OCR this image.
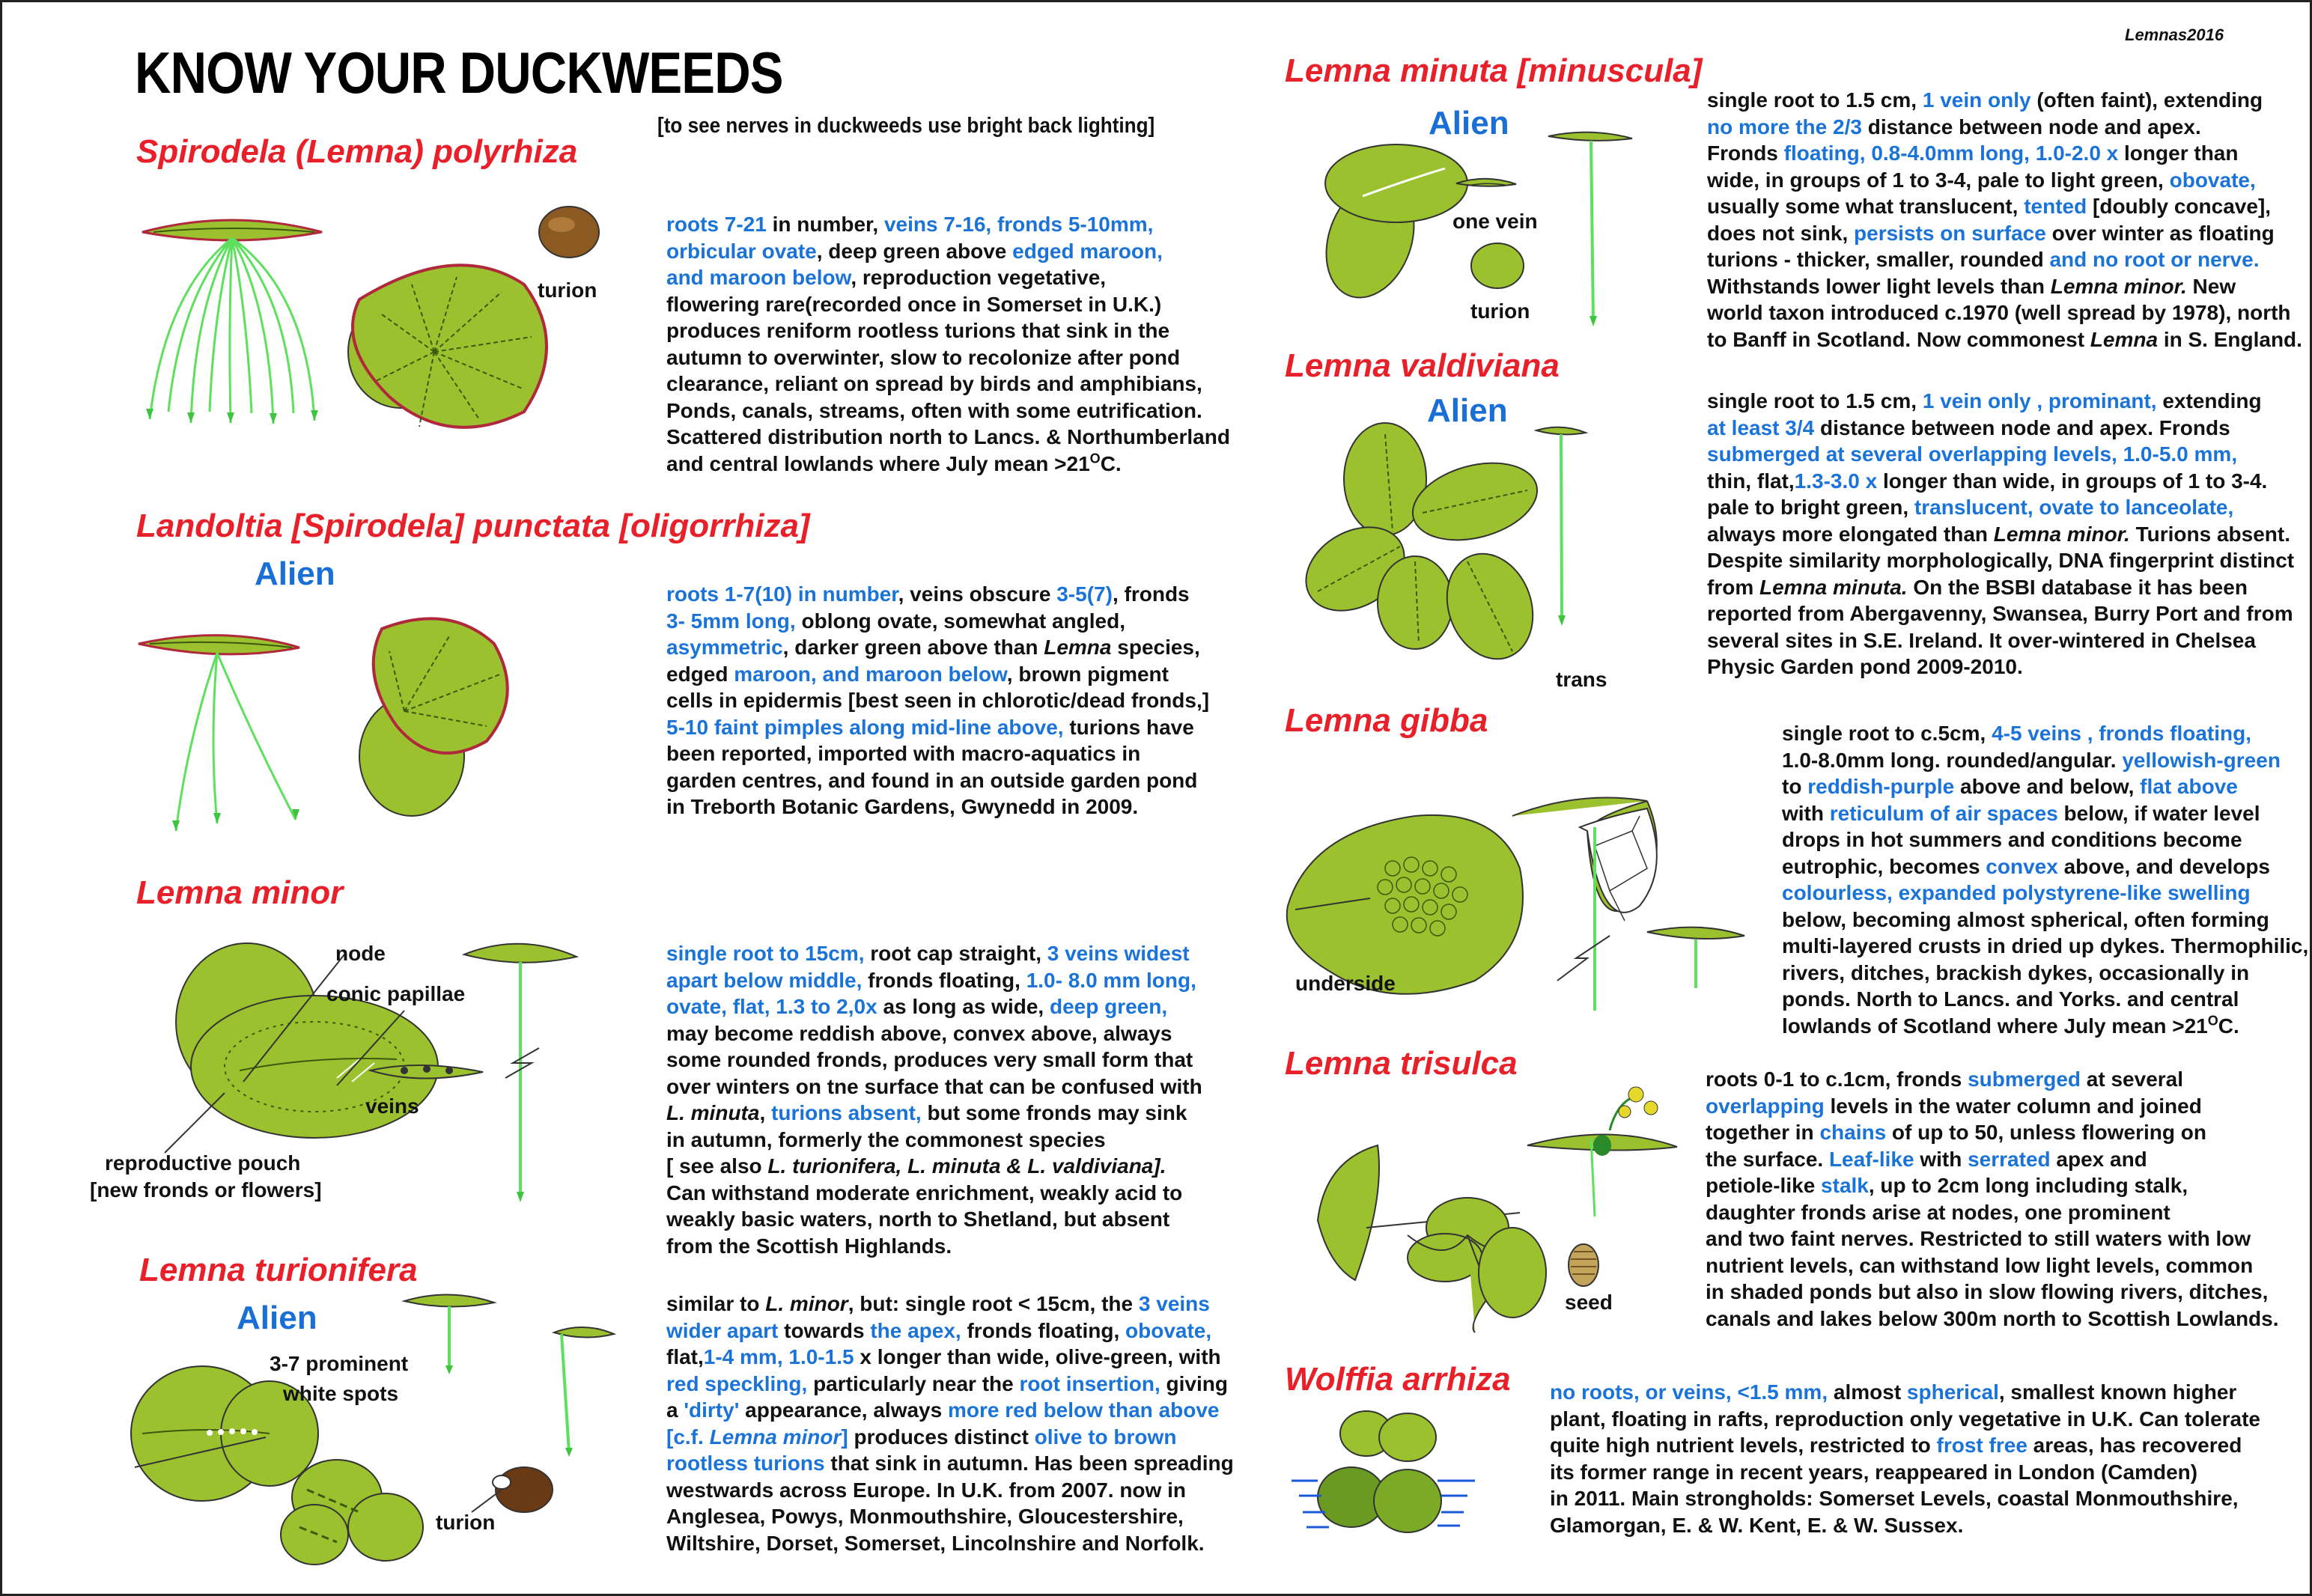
Lemnas2016
KNOW YOUR DUCKWEEDS
[to see nerves in duckweeds use bright back lighting]
Spirodela (Lemna) polyrhiza

roots 7-21 in number, veins 7-16, fronds 5-10mm,

orbicular ovate, deep green above edged maroon,

and maroon below, reproduction vegetative,

flowering rare(recorded once in Somerset in U.K.)

produces reniform rootless turions that sink in the

autumn to overwinter, slow to recolonize after pond

clearance, reliant on spread by birds and amphibians,

Ponds, canals, streams, often with some eutrification.

Scattered distribution north to Lancs. & Northumberland

and central lowlands where July mean $>21^OC$.

turion
Landoltia [Spirodela] punctata [oligorrhiza]
Alien

roots 1-7(10) in number, veins obscure 3-5(7), fronds

3- 5mm long, oblong ovate, somewhat angled,

asymmetric, darker green above than Lemna species,

edged maroon, and maroon below, brown pigment

cells in epidermis [best seen in chlorotic/dead fronds,]

5-10 faint pimples along mid-line above, turions have

been reported, imported with macro-aquatics in

garden centres, and found in an outside garden pond

in Treborth Botanic Gardens, Gwynedd in 2009.

Lemna minor

single root to 15cm, root cap straight, 3 veins widest

apart below middle, fronds floating, 1.0- 8.0 mm long,

ovate, flat, 1.3 to 2,0x as long as wide, deep green,

may become reddish above, convex above, always

some rounded fronds, produces very small form that

over winters on tne surface that can be confused with

L. minuta, turions absent, but some fronds may sink

in autumn, formerly the commonest species

[ see also L. turionifera, L. minuta & L. valdiviana].

Can withstand moderate enrichment, weakly acid to

weakly basic waters, north to Shetland, but absent

from the Scottish Highlands.

node
conic papillae
veins
reproductive pouch
[new fronds or flowers]
Lemna turionifera
Alien	similar to L. minor, but: single root < 15cm, the 3 veins

wider apart towards the apex, fronds floating, obovate,

flat,1-4 mm, 1.0-1.5 x longer than wide, olive-green, with

red speckling, particularly near the root insertion, giving

a 'dirty' appearance, always more red below than above

[c.f. Lemna minor] produces distinct olive to brown

rootless turions that sink in autumn. Has been spreading

westwards across Europe. In U.K. from 2007. now in

Anglesea, Powys, Monmouthshire, Gloucestershire,

Wiltshire, Dorset, Somerset, Lincolnshire and Norfolk.

3-7 prominent
white spots
turion
Lemna minuta [minuscula]
Alien

single root to 1.5 cm, 1 vein only (often faint), extending

no more the 2/3 distance between node and apex.

Fronds floating, 0.8-4.0mm long, 1.0-2.0 x longer than

wide, in groups of 1 to 3-4, pale to light green, obovate,

usually some what translucent, tented [doubly concave],

does not sink, persists on surface over winter as floating

turions - thicker, smaller, rounded and no root or nerve.

Withstands lower light levels than Lemna minor. New

world taxon introduced c.1970 (well spread by 1978), north

to Banff in Scotland. Now commonest Lemna in S. England.

one vein
turion
Lemna valdiviana
Alien	single root to 1.5 cm, 1 vein only , prominant, extending

at least 3/4 distance between node and apex. Fronds

submerged at several overlapping levels, 1.0-5.0 mm,

thin, flat,1.3-3.0 x longer than wide, in groups of 1 to 3-4.

pale to bright green, translucent, ovate to lanceolate,

always more elongated than Lemna minor. Turions absent.

Despite similarity morphologically, DNA fingerprint distinct

from Lemna minuta. On the BSBI database it has been

reported from Abergavenny, Swansea, Burry Port and from

several sites in S.E. Ireland. It over-wintered in Chelsea

Physic Garden pond 2009-2010.

trans
Lemna gibba	single root to c.5cm, 4-5 veins , fronds floating,

1.0-8.0mm long. rounded/angular. yellowish-green

to reddish-purple above and below, flat above

with reticulum of air spaces below, if water level

drops in hot summers and conditions become

eutrophic, becomes convex above, and develops

colourless, expanded polystyrene-like swelling

below, becoming almost spherical, often forming

multi-layered crusts in dried up dykes. Thermophilic,

rivers, ditches, brackish dykes, occasionally in

ponds. North to Lancs. and Yorks. and central

lowlands of Scotland where July mean $>21^OC$.

underside
Lemna trisulca	roots 0-1 to c.1cm, fronds submerged at several

overlapping levels in the water column and joined

together in chains of up to 50, unless flowering on

the surface. Leaf-like with serrated apex and

petiole-like stalk, up to 2cm long including stalk,

daughter fronds arise at nodes, one prominent

and two faint nerves. Restricted to still waters with low

nutrient levels, can withstand low light levels, common

in shaded ponds but also in slow flowing rivers, ditches,

canals and lakes below 300m north to Scottish Lowlands.

seed
Wolffia arrhiza no roots, or veins, <1.5 mm, almost spherical, smallest known higher

plant, floating in rafts, reproduction only vegetative in U.K. Can tolerate

quite high nutrient levels, restricted to frost free areas, has recovered

its former range in recent years, reappeared in London (Camden)

in 2011. Main strongholds: Somerset Levels, coastal Monmouthshire,

Glamorgan, E. & W. Kent, E. & W. Sussex.
